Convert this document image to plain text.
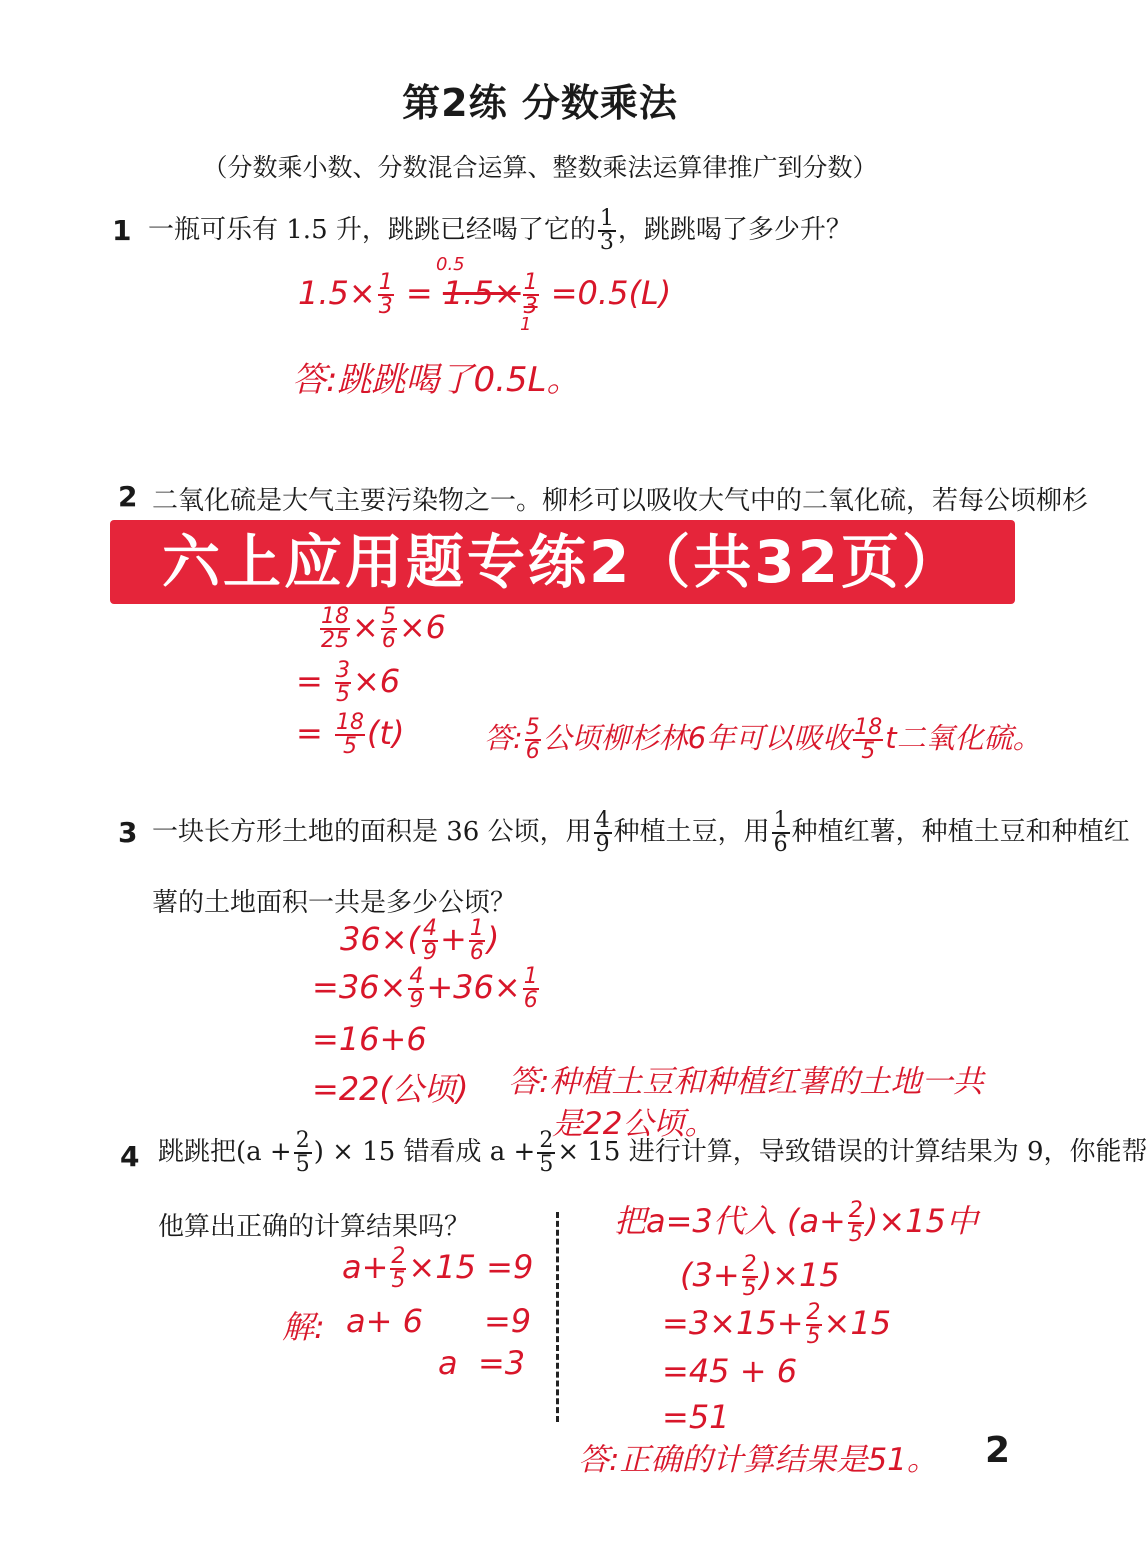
第2练 分数乘法
（分数乘小数、分数混合运算、整数乘法运算律推广到分数）
1 一瓶可乐有 1.5 升，跳跳已经喝了它的 $\frac{1}{3}$ ，跳跳喝了多少升？
$1.5\times \frac{1}{3} = 1.5\times \frac{1}{3} =0.5(L)$
0.5
1
答:跳跳喝了0.5L。
2 二氧化硫是大气主要污染物之一。柳杉可以吸收大气中的二氧化硫，若每公顷柳杉
六上应用题专练2（共32页）
$\frac{18}{25} \times \frac{5}{6} \times 6$
= $\frac{3}{5} \times 6$
= $\frac{18}{5} (t)$	答: $\frac{5}{6}$ 公顷柳杉林6年可以吸收 $\frac{18}{5}$ t二氧化硫。
3 一块长方形土地的面积是 36 公顷，用 $\frac{4}{9}$ 种植土豆，用 $\frac{1}{6}$ 种植红薯，种植土豆和种植红
薯的土地面积一共是多少公顷？
$36\times( \frac{4}{9} + \frac{1}{6}$ )
$=36\times \frac{4}{9} +36\times \frac{1}{6}$
=16+6
=22(公顷) 答:种植土豆和种植红薯的土地一共
是22公顷。
4 跳跳把($a + \frac{2}{5}$ ) × 15 错看成 $a + \frac{2}{5} \times 15$ 进行计算，导致错误的计算结果为 9，你能帮
他算出正确的计算结果吗？
$a+ \frac{2}{5} \times 15 =9$
解: a+ 6      =9
a  =3
把a=3代入 $(a+ \frac{2}{5} )\times 15$中
$(3+ \frac{2}{5} )\times 15$
$=3\times 15+ \frac{2}{5} \times 15$
=45 + 6
=51
答:正确的计算结果是51。 2
